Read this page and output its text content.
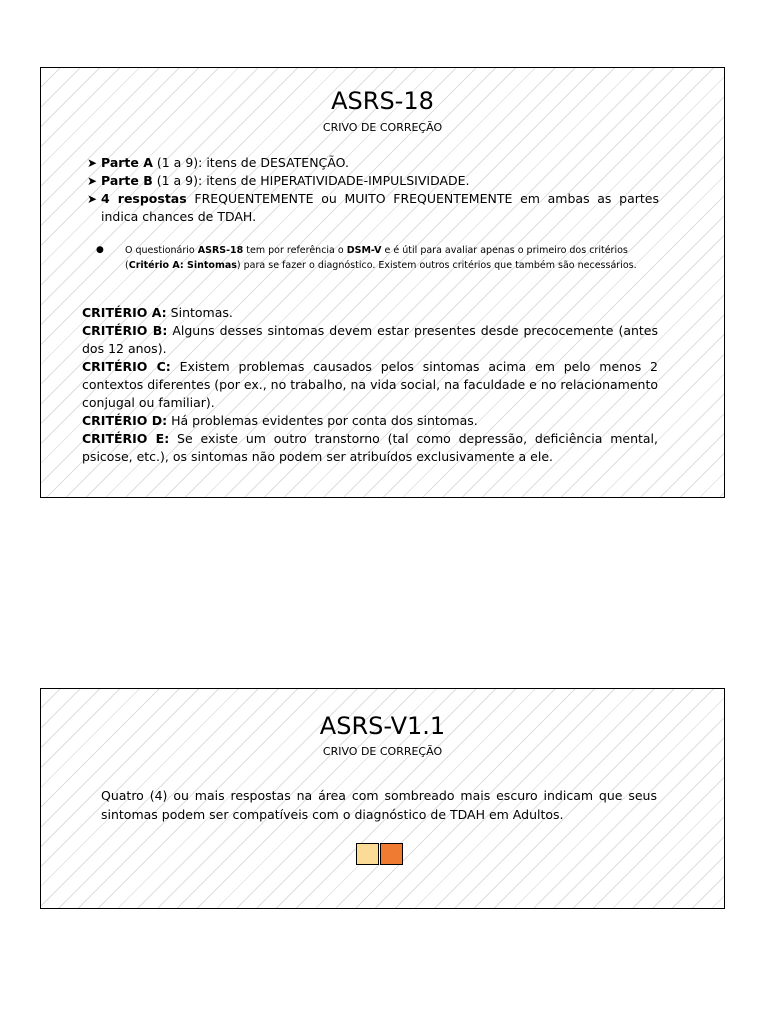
ASRS-18
CRIVO DE CORREÇÃO
➤ Parte A (1 a 9): itens de DESATENÇÃO.
➤ Parte B (1 a 9): itens de HIPERATIVIDADE-IMPULSIVIDADE.
➤ 4 respostas FREQUENTEMENTE ou MUITO FREQUENTEMENTE em ambas as partes indica chances de TDAH.
● O questionário ASRS-18 tem por referência o DSM-V e é útil para avaliar apenas o primeiro dos critérios (Critério A: Sintomas) para se fazer o diagnóstico. Existem outros critérios que também são necessários.

CRITÉRIO A: Sintomas.

CRITÉRIO B: Alguns desses sintomas devem estar presentes desde precocemente (antes dos 12 anos).

CRITÉRIO C: Existem problemas causados pelos sintomas acima em pelo menos 2 contextos diferentes (por ex., no trabalho, na vida social, na faculdade e no relacionamento conjugal ou familiar).

CRITÉRIO D: Há problemas evidentes por conta dos sintomas.

CRITÉRIO E: Se existe um outro transtorno (tal como depressão, deficiência mental, psicose, etc.), os sintomas não podem ser atribuídos exclusivamente a ele.

ASRS-V1.1
CRIVO DE CORREÇÃO
Quatro (4) ou mais respostas na área com sombreado mais escuro indicam que seus sintomas podem ser compatíveis com o diagnóstico de TDAH em Adultos.
